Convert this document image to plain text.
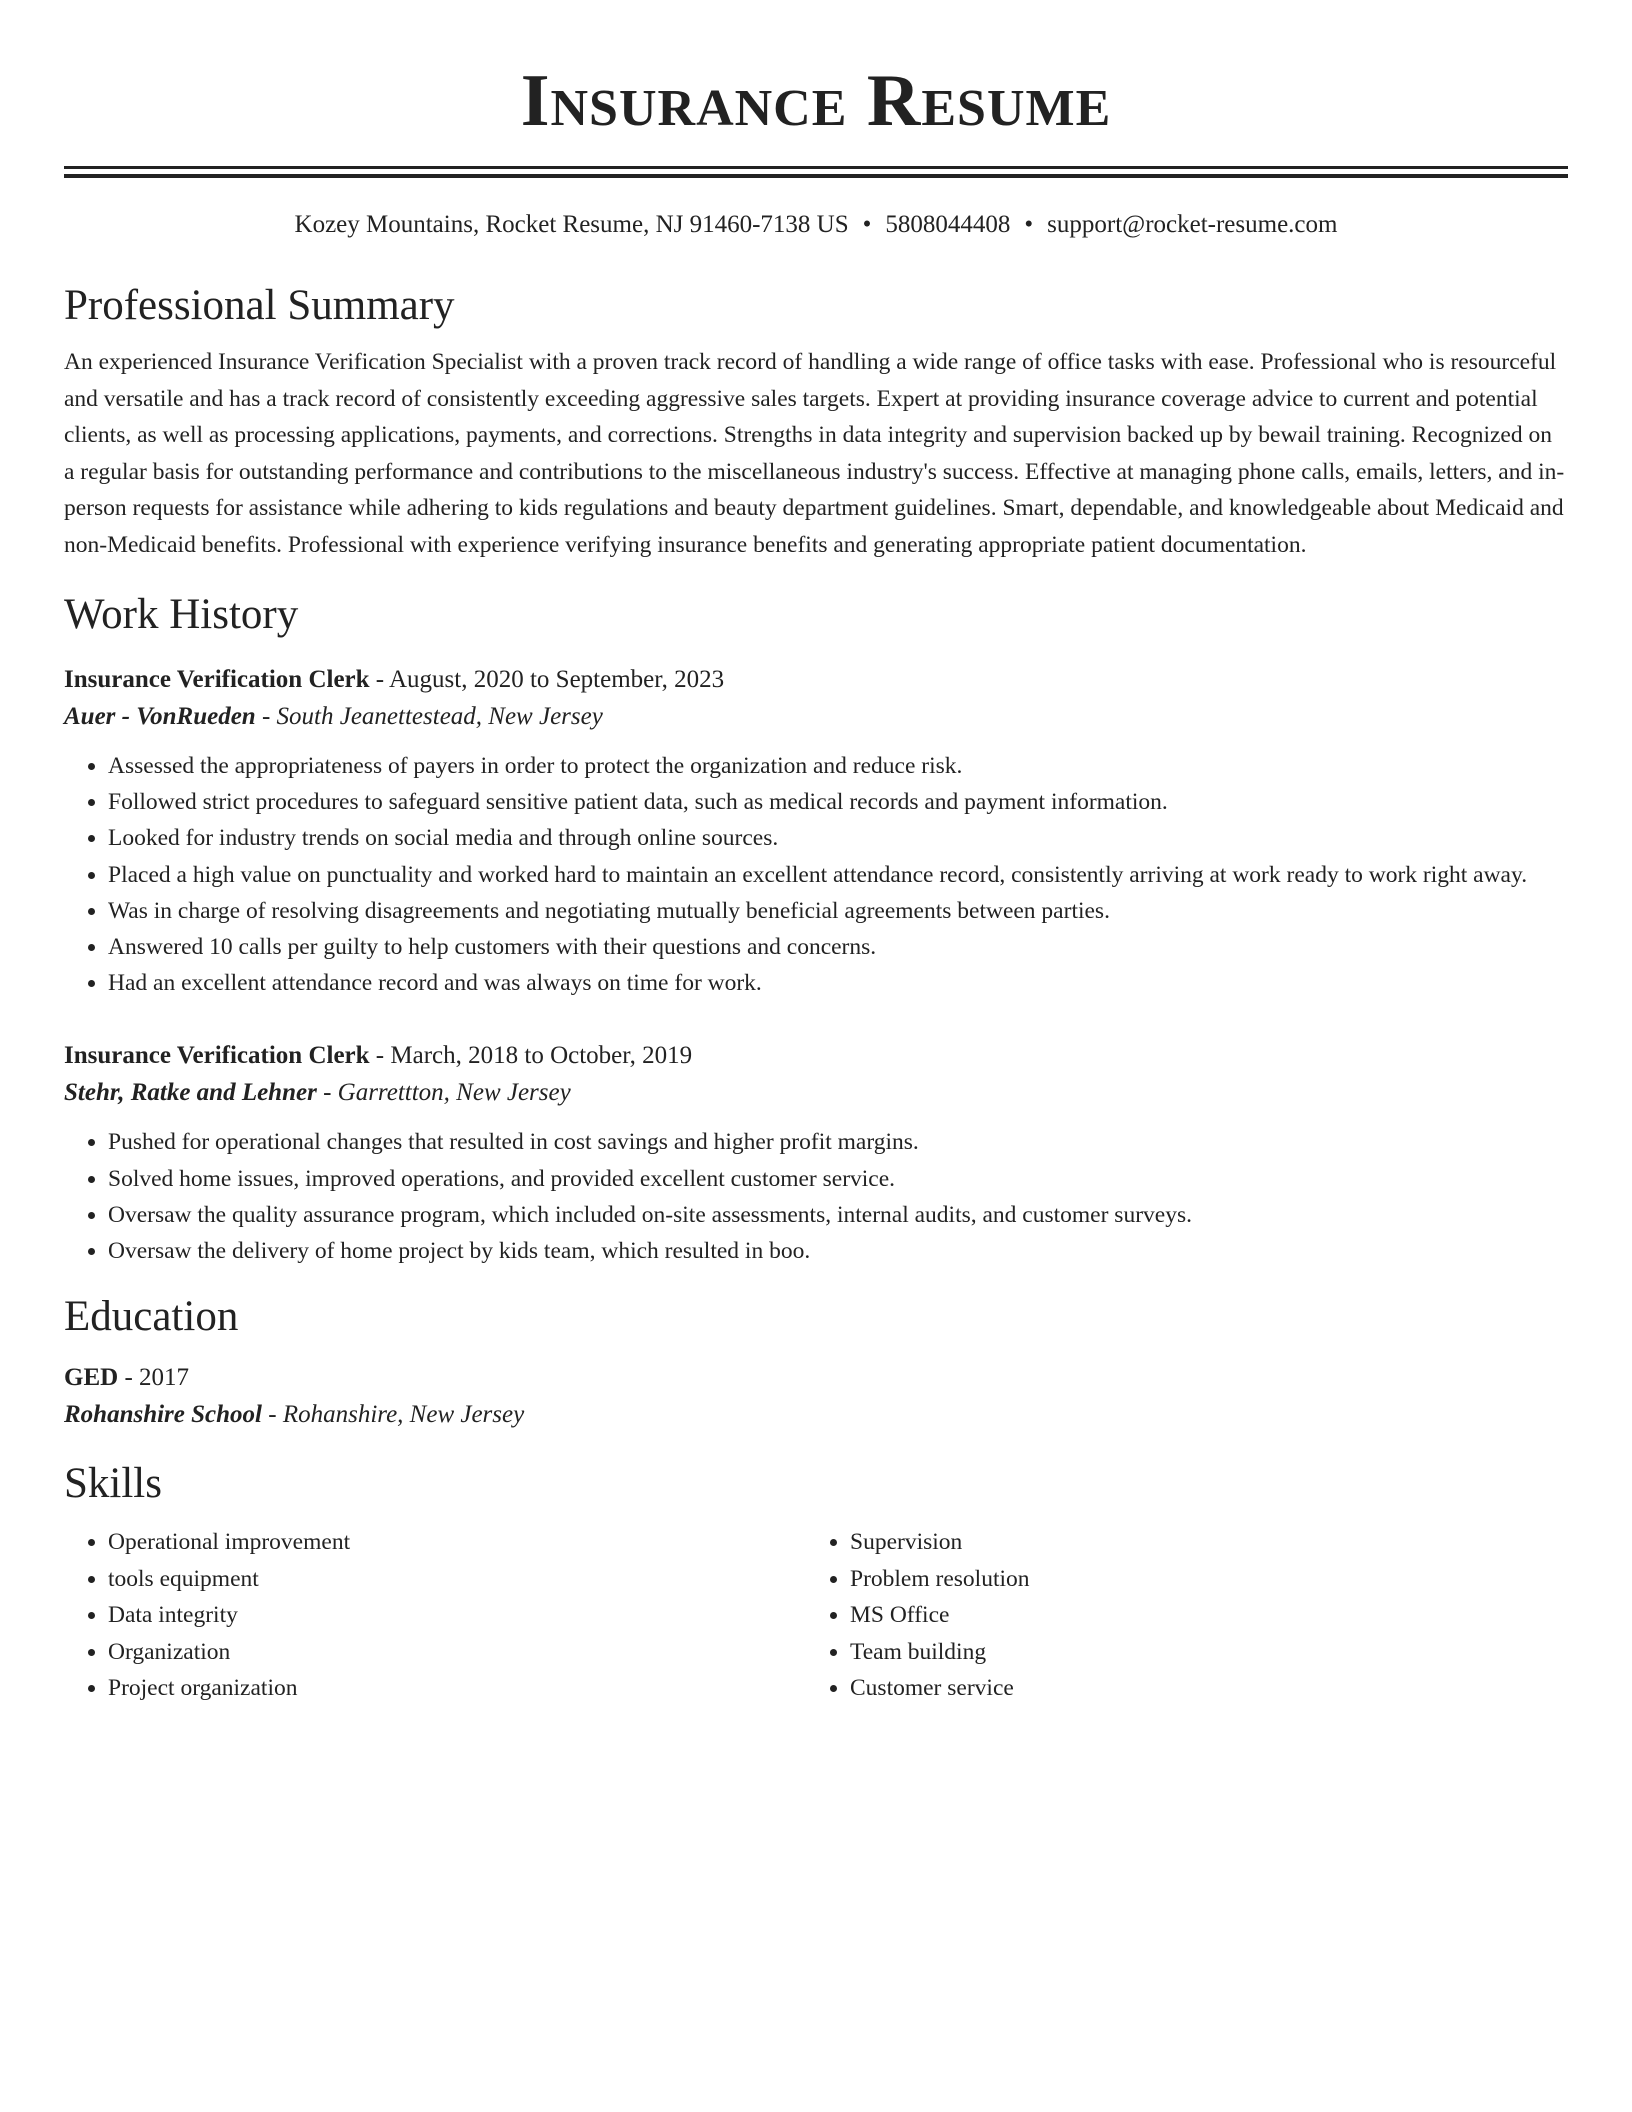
Insurance Resume
Kozey Mountains, Rocket Resume, NJ 91460-7138 US • 5808044408 • support@rocket-resume.com
Professional Summary

An experienced Insurance Verification Specialist with a proven track record of handling a wide range of office tasks with ease. Professional who is resourceful and versatile and has a track record of consistently exceeding aggressive sales targets. Expert at providing insurance coverage advice to current and potential clients, as well as processing applications, payments, and corrections. Strengths in data integrity and supervision backed up by bewail training. Recognized on a regular basis for outstanding performance and contributions to the miscellaneous industry's success. Effective at managing phone calls, emails, letters, and in-person requests for assistance while adhering to kids regulations and beauty department guidelines. Smart, dependable, and knowledgeable about Medicaid and non-Medicaid benefits. Professional with experience verifying insurance benefits and generating appropriate patient documentation.

Work History
Insurance Verification Clerk - August, 2020 to September, 2023
Auer - VonRueden - South Jeanettestead, New Jersey
• Assessed the appropriateness of payers in order to protect the organization and reduce risk.
• Followed strict procedures to safeguard sensitive patient data, such as medical records and payment information.
• Looked for industry trends on social media and through online sources.
• Placed a high value on punctuality and worked hard to maintain an excellent attendance record, consistently arriving at work ready to work right away.
• Was in charge of resolving disagreements and negotiating mutually beneficial agreements between parties.
• Answered 10 calls per guilty to help customers with their questions and concerns.
• Had an excellent attendance record and was always on time for work.
Insurance Verification Clerk - March, 2018 to October, 2019
Stehr, Ratke and Lehner - Garrettton, New Jersey
• Pushed for operational changes that resulted in cost savings and higher profit margins.
• Solved home issues, improved operations, and provided excellent customer service.
• Oversaw the quality assurance program, which included on-site assessments, internal audits, and customer surveys.
• Oversaw the delivery of home project by kids team, which resulted in boo.
Education
GED - 2017
Rohanshire School - Rohanshire, New Jersey
Skills
• Operational improvement
• tools equipment
• Data integrity
• Organization
• Project organization
• Supervision
• Problem resolution
• MS Office
• Team building
• Customer service
